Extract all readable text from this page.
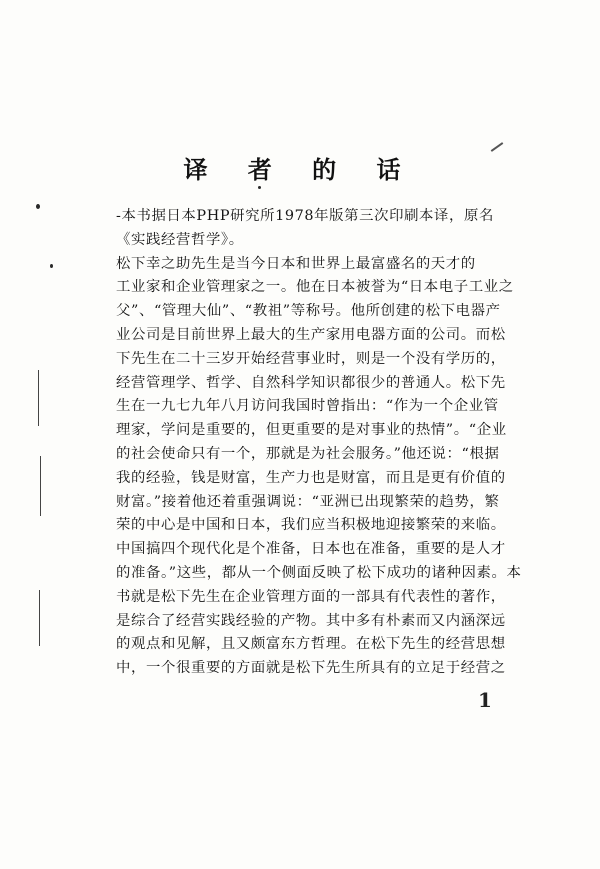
译 者 的 话
-本书据日本PHP研究所1978年版第三次印刷本译，原名
《实践经营哲学》。
松下幸之助先生是当今日本和世界上最富盛名的天才的
工业家和企业管理家之一。他在日本被誉为“日本电子工业之
父”、“管理大仙”、“教祖”等称号。他所创建的松下电器产
业公司是目前世界上最大的生产家用电器方面的公司。而松
下先生在二十三岁开始经营事业时，则是一个没有学历的，
经营管理学、哲学、自然科学知识都很少的普通人。松下先
生在一九七九年八月访问我国时曾指出：“作为一个企业管
理家，学问是重要的，但更重要的是对事业的热情”。“企业
的社会使命只有一个，那就是为社会服务。”他还说：“根据
我的经验，钱是财富，生产力也是财富，而且是更有价值的
财富。”接着他还着重强调说：“亚洲已出现繁荣的趋势，繁
荣的中心是中国和日本，我们应当积极地迎接繁荣的来临。
中国搞四个现代化是个准备，日本也在准备，重要的是人才
的准备。”这些，都从一个侧面反映了松下成功的诸种因素。本
书就是松下先生在企业管理方面的一部具有代表性的著作，
是综合了经营实践经验的产物。其中多有朴素而又内涵深远
的观点和见解，且又颇富东方哲理。在松下先生的经营思想
中，一个很重要的方面就是松下先生所具有的立足于经营之
1
